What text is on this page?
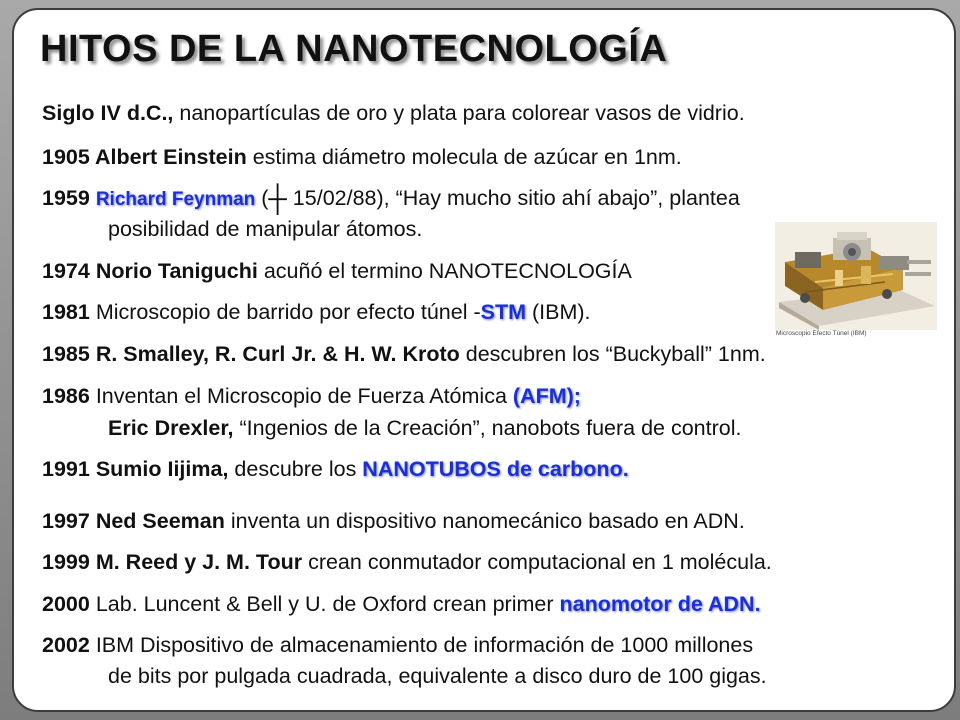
HITOS DE LA NANOTECNOLOGÍA
Siglo IV d.C., nanopartículas de oro y plata para colorear vasos de vidrio.
1905 Albert Einstein estima diámetro molecula de azúcar en 1nm.
1959 Richard Feynman (┼ 15/02/88), “Hay mucho sitio ahí abajo”, plantea
posibilidad de manipular átomos.
1974 Norio Taniguchi acuñó el termino NANOTECNOLOGÍA
1981 Microscopio de barrido por efecto túnel -STM (IBM).
1985 R. Smalley, R. Curl Jr. & H. W. Kroto descubren los “Buckyball” 1nm.
1986 Inventan el Microscopio de Fuerza Atómica (AFM);
Eric Drexler, “Ingenios de la Creación”, nanobots fuera de control.
1991 Sumio Iijima, descubre los NANOTUBOS de carbono.
1997 Ned Seeman inventa un dispositivo nanomecánico basado en ADN.
1999 M. Reed y J. M. Tour crean conmutador computacional en 1 molécula.
2000 Lab. Luncent & Bell y U. de Oxford crean primer nanomotor de ADN.
2002 IBM Dispositivo de almacenamiento de información de 1000 millones
de bits por pulgada cuadrada, equivalente a disco duro de 100 gigas.
Microscopio Efecto Túnel (IBM)
